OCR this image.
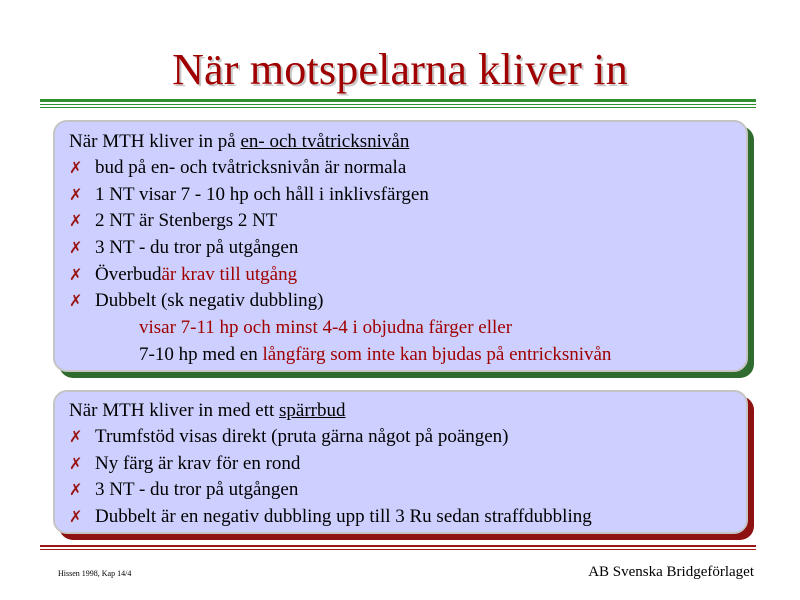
När motspelarna kliver in
När MTH kliver in på en- och tvåtricksnivån
✗ bud på en- och tvåtricksnivån är normala
✗ 1 NT visar 7 - 10 hp och håll i inklivsfärgen
✗ 2 NT är Stenbergs 2 NT
✗ 3 NT - du tror på utgången
✗ Överbud är krav till utgång
✗ Dubbelt (sk negativ dubbling)
visar 7-11 hp och minst 4-4 i objudna färger eller
7-10 hp med en långfärg som inte kan bjudas på entricksnivån
När MTH kliver in med ett spärrbud
✗ Trumfstöd visas direkt (pruta gärna något på poängen)
✗ Ny färg är krav för en rond
✗ 3 NT - du tror på utgången
✗ Dubbelt är en negativ dubbling upp till 3 Ru sedan straffdubbling
Hissen 1998, Kap 14/4	AB Svenska Bridgeförlaget
